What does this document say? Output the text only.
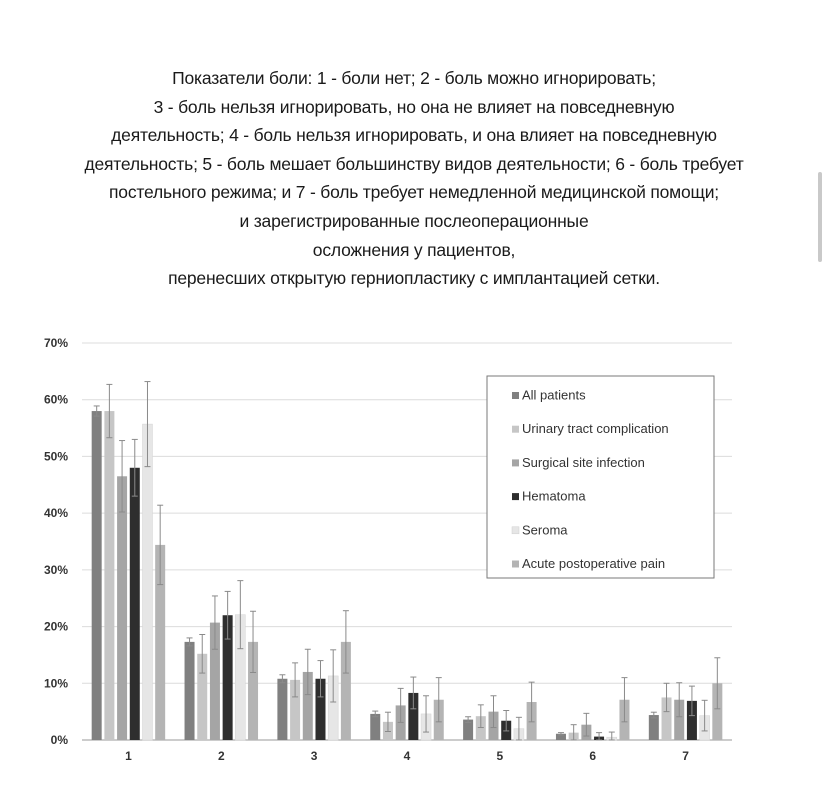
Показатели боли: 1 - боли нет; 2 - боль можно игнорировать;
3 - боль нельзя игнорировать, но она не влияет на повседневную
деятельность; 4 - боль нельзя игнорировать, и она влияет на повседневную
деятельность; 5 - боль мешает большинству видов деятельности; 6 - боль требует
постельного режима; и 7 - боль требует немедленной медицинской помощи;
и зарегистрированные послеоперационные
осложнения у пациентов,
перенесших открытую герниопластику с имплантацией сетки.
0%
10%
20%
30%
40%
50%
60%
70%
1	2	3	4	5	6	7
All patients
Urinary tract complication
Surgical site infection
Hematoma
Seroma
Acute postoperative pain
